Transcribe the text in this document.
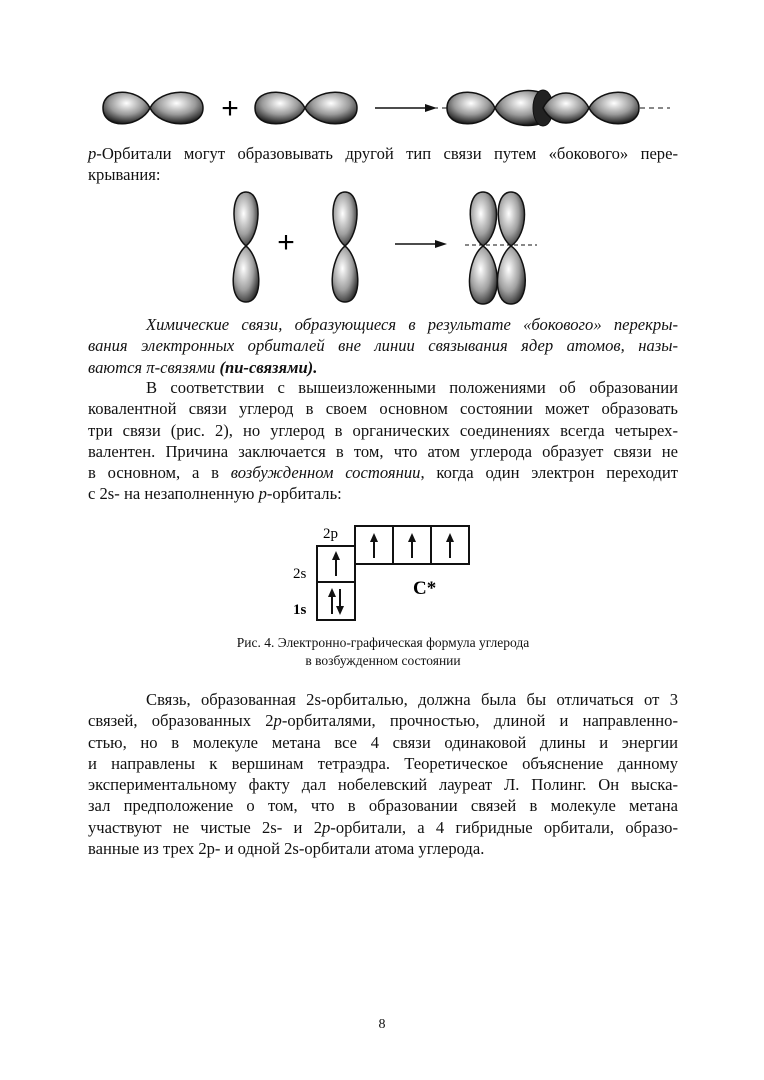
+

p-Орбитали могут образовывать другой тип связи путем «бокового» пере-
крывания:

+

Химические связи, образующиеся в результате «бокового» перекры-
вания электронных орбиталей вне линии связывания ядер атомов, назы-
ваются π-связями (пи-связями).

В соответствии с вышеизложенными положениями об образовании
ковалентной связи углерод в своем основном состоянии может образовать
три связи (рис. 2), но углерод в органических соединениях всегда четырех-
валентен. Причина заключается в том, что атом углерода образует связи не
в основном, а в возбужденном состоянии, когда один электрон переходит
с 2s- на незаполненную p-орбиталь:

2p
2s
1s
C*
Рис. 4. Электронно-графическая формула углерода
в возбужденном состоянии

Связь, образованная 2s-орбиталью, должна была бы отличаться от 3
связей, образованных 2p-орбиталями, прочностью, длиной и направленно-
стью, но в молекуле метана все 4 связи одинаковой длины и энергии
и направлены к вершинам тетраэдра. Теоретическое объяснение данному
экспериментальному факту дал нобелевский лауреат Л. Полинг. Он выска-
зал предположение о том, что в образовании связей в молекуле метана
участвуют не чистые 2s- и 2p-орбитали, а 4 гибридные орбитали, образо-
ванные из трех 2p- и одной 2s-орбитали атома углерода.

8
